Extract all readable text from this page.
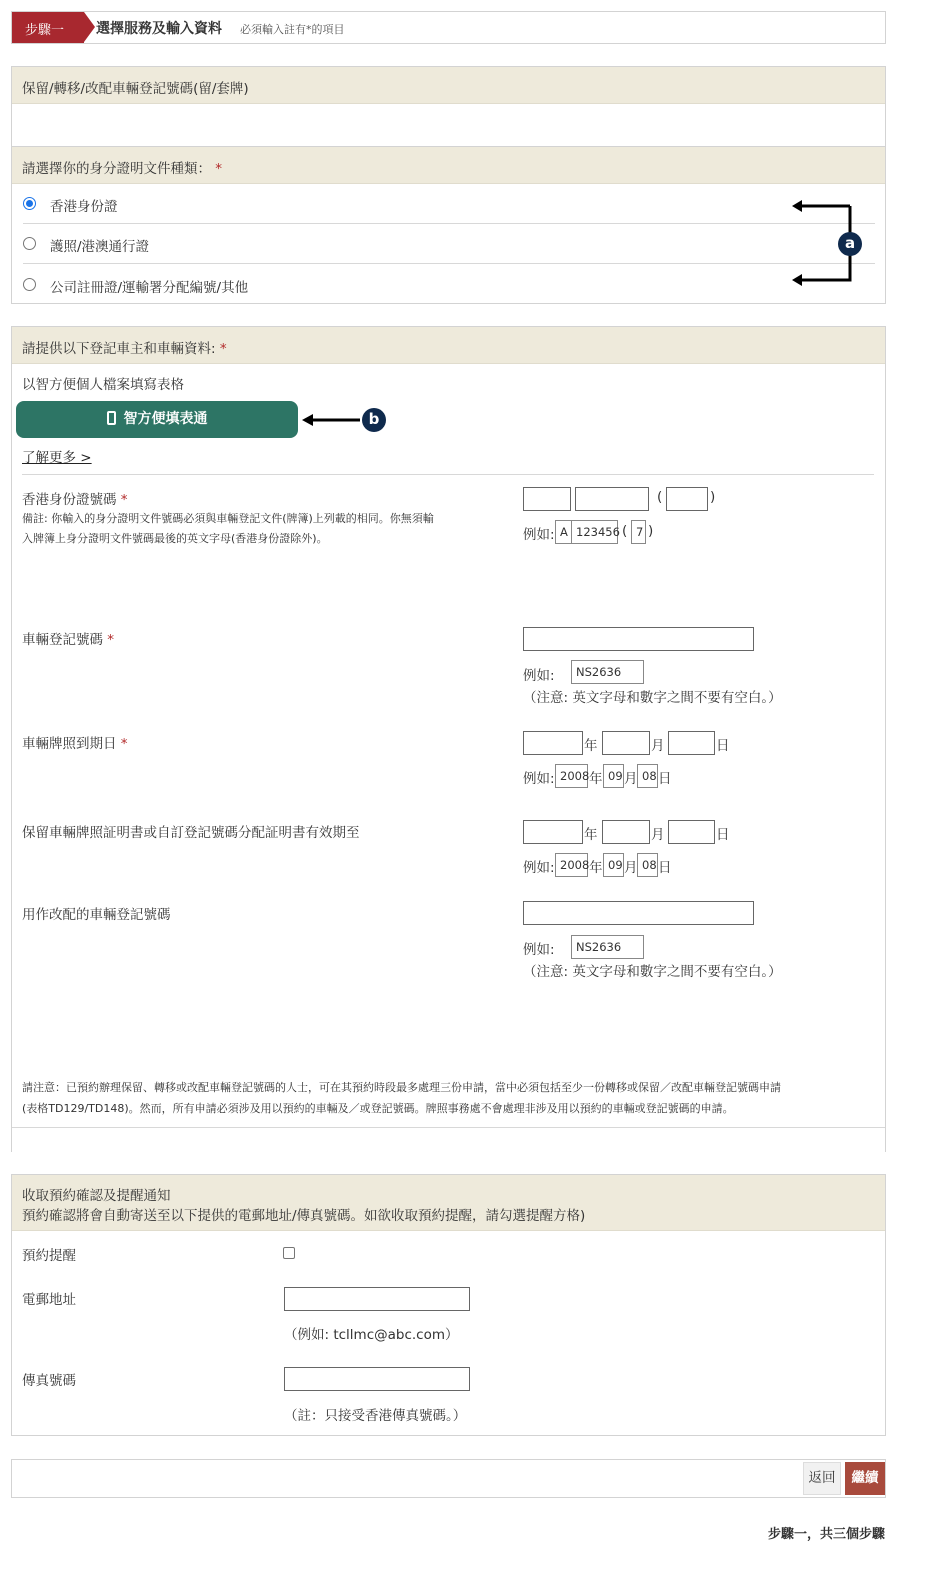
步驟一 選擇服務及輸入資料 必須輸入註有*的項目
保留/轉移/改配車輛登記號碼(留/套牌)
請選擇你的身分證明文件種類： *
香港身份證
護照/港澳通行證
公司註冊證/運輸署分配編號/其他
a
請提供以下登記車主和車輛資料: *
以智方便個人檔案填寫表格
智方便填表通	b
了解更多 >
香港身份證號碼 *
備註: 你輸入的身分證明文件號碼必須與車輛登記文件(牌簿)上列載的相同。你無須輸
入牌簿上身分證明文件號碼最後的英文字母(香港身份證除外)。
(	)
例如: A 123456 ( 7 )
車輛登記號碼 *
例如:	NS2636
（注意: 英文字母和數字之間不要有空白。）
車輛牌照到期日 *	年	月	日
例如: 2008 年 09 月 08 日
保留車輛牌照証明書或自訂登記號碼分配証明書有效期至	年	月	日
例如: 2008 年 09 月 08 日
用作改配的車輛登記號碼
例如:	NS2636
（注意: 英文字母和數字之間不要有空白。）
請注意：已預約辦理保留、轉移或改配車輛登記號碼的人士，可在其預約時段最多處理三份申請，當中必須包括至少一份轉移或保留／改配車輛登記號碼申請
(表格TD129/TD148)。然而，所有申請必須涉及用以預約的車輛及／或登記號碼。牌照事務處不會處理非涉及用以預約的車輛或登記號碼的申請。
收取預約確認及提醒通知
預約確認將會自動寄送至以下提供的電郵地址/傳真號碼。如欲收取預約提醒，請勾選提醒方格)
預約提醒
電郵地址
（例如: tcllmc@abc.com）
傳真號碼
（註：只接受香港傳真號碼。）
返回	繼續
步驟一，共三個步驟
